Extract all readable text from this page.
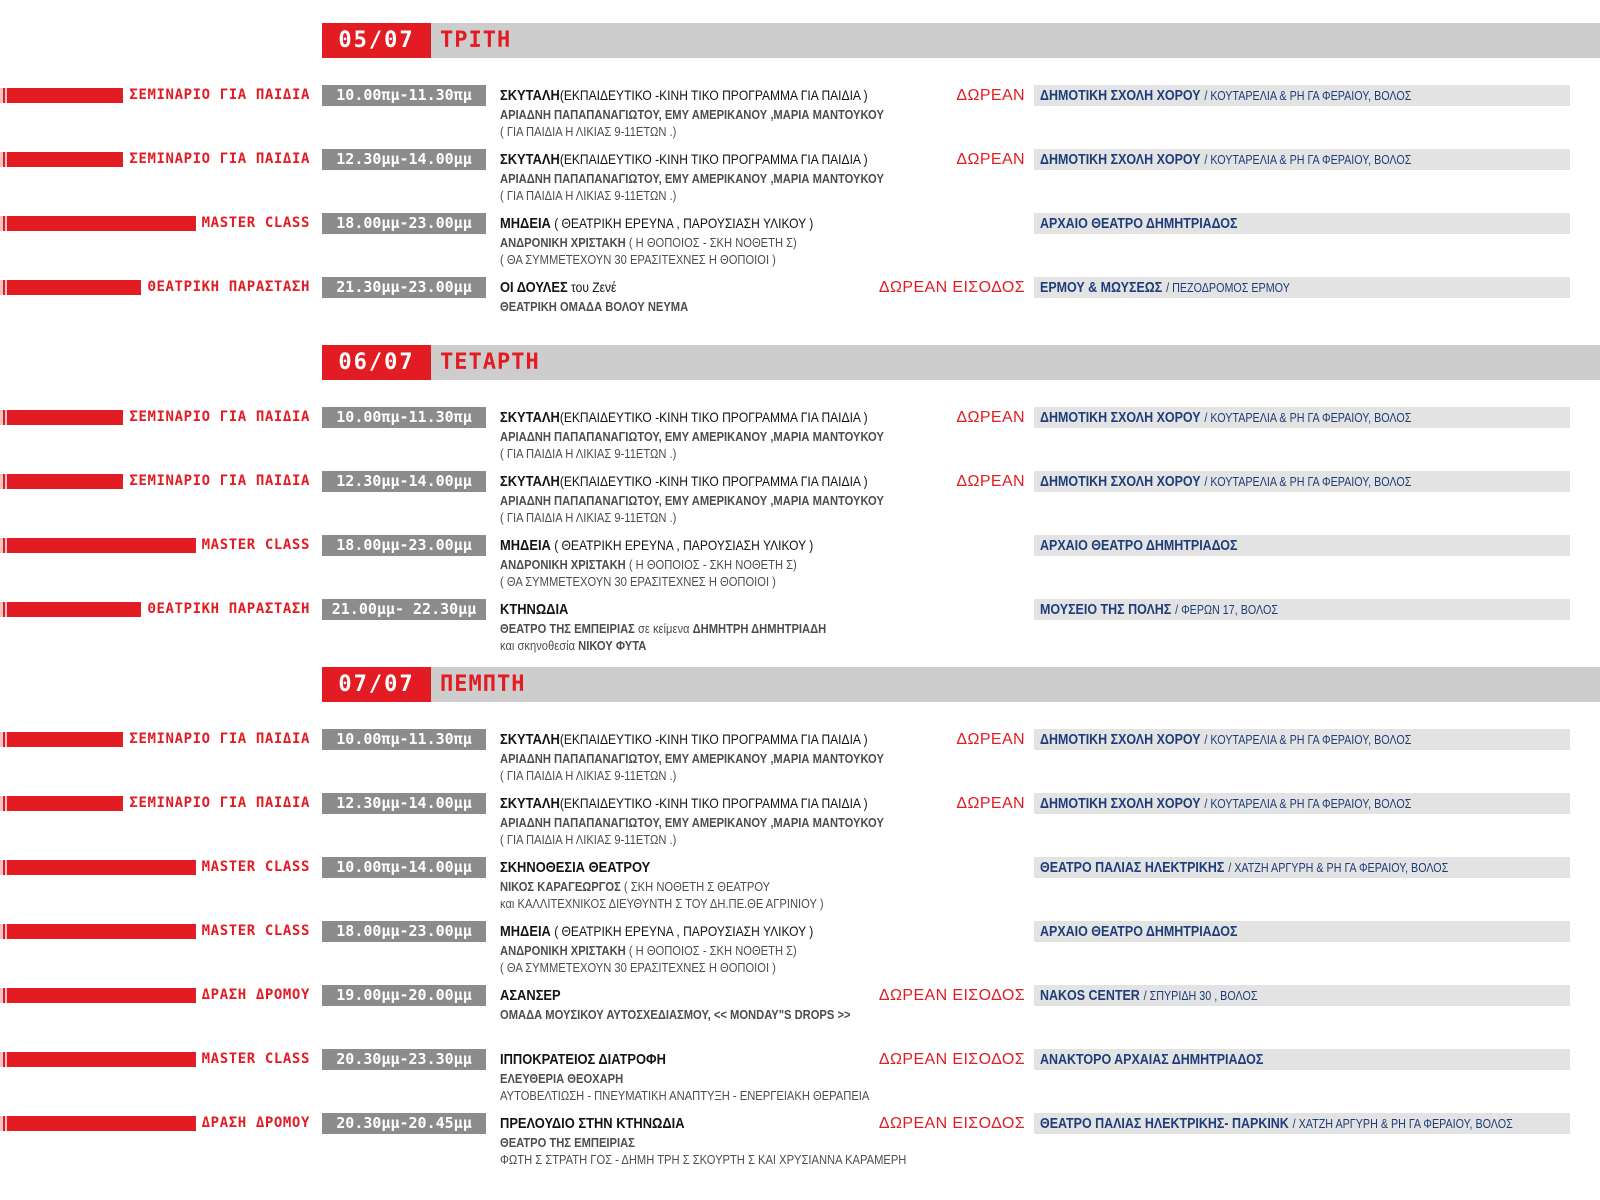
05/07	ΤΡΙΤΗ
ΣΕΜΙΝΑΡΙΟ ΓΙΑ ΠΑΙΔΙΑ	10.00πμ-11.30πμ	ΣΚΥΤΑΛΗ(ΕΚΠΑΙΔΕΥΤΙΚΟ -ΚΙΝΗ ΤΙΚΟ ΠΡΟΓΡΑΜΜΑ ΓΙΑ ΠΑΙΔΙΑ )
ΑΡΙΑΔΝΗ ΠΑΠΑΠΑΝΑΓΙΩΤΟΥ, ΕΜΥ ΑΜΕΡΙΚΑΝΟΥ ,ΜΑΡΙΑ ΜΑΝΤΟΥΚΟΥ
( ΓΙΑ ΠΑΙΔΙΑ Η ΛΙΚΙΑΣ 9-11ΕΤΩΝ .)
ΔΩΡΕΑΝ	ΔΗΜΟΤΙΚΗ ΣΧΟΛΗ ΧΟΡΟΥ / ΚΟΥΤΑΡΕΛΙΑ & ΡΗ ΓΑ ΦΕΡΑΙΟΥ, ΒΟΛΟΣ
ΣΕΜΙΝΑΡΙΟ ΓΙΑ ΠΑΙΔΙΑ	12.30μμ-14.00μμ	ΣΚΥΤΑΛΗ(ΕΚΠΑΙΔΕΥΤΙΚΟ -ΚΙΝΗ ΤΙΚΟ ΠΡΟΓΡΑΜΜΑ ΓΙΑ ΠΑΙΔΙΑ )
ΑΡΙΑΔΝΗ ΠΑΠΑΠΑΝΑΓΙΩΤΟΥ, ΕΜΥ ΑΜΕΡΙΚΑΝΟΥ ,ΜΑΡΙΑ ΜΑΝΤΟΥΚΟΥ
( ΓΙΑ ΠΑΙΔΙΑ Η ΛΙΚΙΑΣ 9-11ΕΤΩΝ .)
ΔΩΡΕΑΝ	ΔΗΜΟΤΙΚΗ ΣΧΟΛΗ ΧΟΡΟΥ / ΚΟΥΤΑΡΕΛΙΑ & ΡΗ ΓΑ ΦΕΡΑΙΟΥ, ΒΟΛΟΣ
MASTER CLASS	18.00μμ-23.00μμ	ΜΗΔΕΙΑ ( ΘΕΑΤΡΙΚΗ ΕΡΕΥΝΑ , ΠΑΡΟΥΣΙΑΣΗ ΥΛΙΚΟΥ )
ΑΝΔΡΟΝΙΚΗ ΧΡΙΣΤΑΚΗ ( Η ΘΟΠΟΙΟΣ - ΣΚΗ ΝΟΘΕΤΗ Σ)
( ΘΑ ΣΥΜΜΕΤΕΧΟΥΝ 30 ΕΡΑΣΙΤΕΧΝΕΣ Η ΘΟΠΟΙΟΙ )
ΑΡΧΑΙΟ ΘΕΑΤΡΟ ΔΗΜΗΤΡΙΑΔΟΣ
ΘΕΑΤΡΙΚΗ ΠΑΡΑΣΤΑΣΗ	21.30μμ-23.00μμ	ΟΙ ΔΟΥΛΕΣ του Ζενέ
ΘΕΑΤΡΙΚΗ ΟΜΑΔΑ ΒΟΛΟΥ ΝΕΥΜΑ
ΔΩΡΕΑΝ ΕΙΣΟΔΟΣ	ΕΡΜΟΥ & ΜΩΥΣΕΩΣ / ΠΕΖΟΔΡΟΜΟΣ ΕΡΜΟΥ
06/07	ΤΕΤΑΡΤΗ
ΣΕΜΙΝΑΡΙΟ ΓΙΑ ΠΑΙΔΙΑ	10.00πμ-11.30πμ	ΣΚΥΤΑΛΗ(ΕΚΠΑΙΔΕΥΤΙΚΟ -ΚΙΝΗ ΤΙΚΟ ΠΡΟΓΡΑΜΜΑ ΓΙΑ ΠΑΙΔΙΑ )
ΑΡΙΑΔΝΗ ΠΑΠΑΠΑΝΑΓΙΩΤΟΥ, ΕΜΥ ΑΜΕΡΙΚΑΝΟΥ ,ΜΑΡΙΑ ΜΑΝΤΟΥΚΟΥ
( ΓΙΑ ΠΑΙΔΙΑ Η ΛΙΚΙΑΣ 9-11ΕΤΩΝ .)
ΔΩΡΕΑΝ	ΔΗΜΟΤΙΚΗ ΣΧΟΛΗ ΧΟΡΟΥ / ΚΟΥΤΑΡΕΛΙΑ & ΡΗ ΓΑ ΦΕΡΑΙΟΥ, ΒΟΛΟΣ
ΣΕΜΙΝΑΡΙΟ ΓΙΑ ΠΑΙΔΙΑ	12.30μμ-14.00μμ	ΣΚΥΤΑΛΗ(ΕΚΠΑΙΔΕΥΤΙΚΟ -ΚΙΝΗ ΤΙΚΟ ΠΡΟΓΡΑΜΜΑ ΓΙΑ ΠΑΙΔΙΑ )
ΑΡΙΑΔΝΗ ΠΑΠΑΠΑΝΑΓΙΩΤΟΥ, ΕΜΥ ΑΜΕΡΙΚΑΝΟΥ ,ΜΑΡΙΑ ΜΑΝΤΟΥΚΟΥ
( ΓΙΑ ΠΑΙΔΙΑ Η ΛΙΚΙΑΣ 9-11ΕΤΩΝ .)
ΔΩΡΕΑΝ	ΔΗΜΟΤΙΚΗ ΣΧΟΛΗ ΧΟΡΟΥ / ΚΟΥΤΑΡΕΛΙΑ & ΡΗ ΓΑ ΦΕΡΑΙΟΥ, ΒΟΛΟΣ
MASTER CLASS	18.00μμ-23.00μμ	ΜΗΔΕΙΑ ( ΘΕΑΤΡΙΚΗ ΕΡΕΥΝΑ , ΠΑΡΟΥΣΙΑΣΗ ΥΛΙΚΟΥ )
ΑΝΔΡΟΝΙΚΗ ΧΡΙΣΤΑΚΗ ( Η ΘΟΠΟΙΟΣ - ΣΚΗ ΝΟΘΕΤΗ Σ)
( ΘΑ ΣΥΜΜΕΤΕΧΟΥΝ 30 ΕΡΑΣΙΤΕΧΝΕΣ Η ΘΟΠΟΙΟΙ )
ΑΡΧΑΙΟ ΘΕΑΤΡΟ ΔΗΜΗΤΡΙΑΔΟΣ
ΘΕΑΤΡΙΚΗ ΠΑΡΑΣΤΑΣΗ	21.00μμ- 22.30μμ	ΚΤΗΝΩΔΙΑ
ΘΕΑΤΡΟ ΤΗΣ ΕΜΠΕΙΡΙΑΣ σε κείμενα ΔΗΜΗΤΡΗ ΔΗΜΗΤΡΙΑΔΗ
και σκηνοθεσία ΝΙΚΟΥ ΦΥΤΑ
ΜΟΥΣΕΙΟ ΤΗΣ ΠΟΛΗΣ / ΦΕΡΩΝ 17, ΒΟΛΟΣ
07/07	ΠΕΜΠΤΗ
ΣΕΜΙΝΑΡΙΟ ΓΙΑ ΠΑΙΔΙΑ	10.00πμ-11.30πμ	ΣΚΥΤΑΛΗ(ΕΚΠΑΙΔΕΥΤΙΚΟ -ΚΙΝΗ ΤΙΚΟ ΠΡΟΓΡΑΜΜΑ ΓΙΑ ΠΑΙΔΙΑ )
ΑΡΙΑΔΝΗ ΠΑΠΑΠΑΝΑΓΙΩΤΟΥ, ΕΜΥ ΑΜΕΡΙΚΑΝΟΥ ,ΜΑΡΙΑ ΜΑΝΤΟΥΚΟΥ
( ΓΙΑ ΠΑΙΔΙΑ Η ΛΙΚΙΑΣ 9-11ΕΤΩΝ .)
ΔΩΡΕΑΝ	ΔΗΜΟΤΙΚΗ ΣΧΟΛΗ ΧΟΡΟΥ / ΚΟΥΤΑΡΕΛΙΑ & ΡΗ ΓΑ ΦΕΡΑΙΟΥ, ΒΟΛΟΣ
ΣΕΜΙΝΑΡΙΟ ΓΙΑ ΠΑΙΔΙΑ	12.30μμ-14.00μμ	ΣΚΥΤΑΛΗ(ΕΚΠΑΙΔΕΥΤΙΚΟ -ΚΙΝΗ ΤΙΚΟ ΠΡΟΓΡΑΜΜΑ ΓΙΑ ΠΑΙΔΙΑ )
ΑΡΙΑΔΝΗ ΠΑΠΑΠΑΝΑΓΙΩΤΟΥ, ΕΜΥ ΑΜΕΡΙΚΑΝΟΥ ,ΜΑΡΙΑ ΜΑΝΤΟΥΚΟΥ
( ΓΙΑ ΠΑΙΔΙΑ Η ΛΙΚΙΑΣ 9-11ΕΤΩΝ .)
ΔΩΡΕΑΝ	ΔΗΜΟΤΙΚΗ ΣΧΟΛΗ ΧΟΡΟΥ / ΚΟΥΤΑΡΕΛΙΑ & ΡΗ ΓΑ ΦΕΡΑΙΟΥ, ΒΟΛΟΣ
MASTER CLASS	10.00πμ-14.00μμ	ΣΚΗΝΟΘΕΣΙΑ ΘΕΑΤΡΟΥ
ΝΙΚΟΣ ΚΑΡΑΓΕΩΡΓΟΣ ( ΣΚΗ ΝΟΘΕΤΗ Σ ΘΕΑΤΡΟΥ
και ΚΑΛΛΙΤΕΧΝΙΚΟΣ ΔΙΕΥΘΥΝΤΗ Σ ΤΟΥ ΔΗ.ΠΕ.ΘΕ ΑΓΡΙΝΙΟΥ )
ΘΕΑΤΡΟ ΠΑΛΙΑΣ ΗΛΕΚΤΡΙΚΗΣ / ΧΑΤΖΗ ΑΡΓΥΡΗ & ΡΗ ΓΑ ΦΕΡΑΙΟΥ, ΒΟΛΟΣ
MASTER CLASS	18.00μμ-23.00μμ	ΜΗΔΕΙΑ ( ΘΕΑΤΡΙΚΗ ΕΡΕΥΝΑ , ΠΑΡΟΥΣΙΑΣΗ ΥΛΙΚΟΥ )
ΑΝΔΡΟΝΙΚΗ ΧΡΙΣΤΑΚΗ ( Η ΘΟΠΟΙΟΣ - ΣΚΗ ΝΟΘΕΤΗ Σ)
( ΘΑ ΣΥΜΜΕΤΕΧΟΥΝ 30 ΕΡΑΣΙΤΕΧΝΕΣ Η ΘΟΠΟΙΟΙ )
ΑΡΧΑΙΟ ΘΕΑΤΡΟ ΔΗΜΗΤΡΙΑΔΟΣ
ΔΡΑΣΗ ΔΡΟΜΟΥ	19.00μμ-20.00μμ	ΑΣΑΝΣΕΡ
ΟΜΑΔΑ ΜΟΥΣΙΚΟΥ ΑΥΤΟΣΧΕΔΙΑΣΜΟΥ, << MONDAY"S DROPS >>
ΔΩΡΕΑΝ ΕΙΣΟΔΟΣ	NAKOS CENTER / ΣΠΥΡΙΔΗ 30 , ΒΟΛΟΣ
MASTER CLASS	20.30μμ-23.30μμ	ΙΠΠΟΚΡΑΤΕΙΟΣ ΔΙΑΤΡΟΦΗ
ΕΛΕΥΘΕΡΙΑ ΘΕΟΧΑΡΗ
ΑΥΤΟΒΕΛΤΙΩΣΗ - ΠΝΕΥΜΑΤΙΚΗ ΑΝΑΠΤΥΞΗ - ΕΝΕΡΓΕΙΑΚΗ ΘΕΡΑΠΕΙΑ
ΔΩΡΕΑΝ ΕΙΣΟΔΟΣ	ΑΝΑΚΤΟΡΟ ΑΡΧΑΙΑΣ ΔΗΜΗΤΡΙΑΔΟΣ
ΔΡΑΣΗ ΔΡΟΜΟΥ	20.30μμ-20.45μμ	ΠΡΕΛΟΥΔΙΟ ΣΤΗΝ ΚΤΗΝΩΔΙΑ
ΘΕΑΤΡΟ ΤΗΣ ΕΜΠΕΙΡΙΑΣ
ΦΩΤΗ Σ ΣΤΡΑΤΗ ΓΟΣ - ΔΗΜΗ ΤΡΗ Σ ΣΚΟΥΡΤΗ Σ ΚΑΙ ΧΡΥΣΙΑΝΝΑ ΚΑΡΑΜΕΡΗ
ΔΩΡΕΑΝ ΕΙΣΟΔΟΣ	ΘΕΑΤΡΟ ΠΑΛΙΑΣ ΗΛΕΚΤΡΙΚΗΣ- ΠΑΡΚΙΝΚ / ΧΑΤΖΗ ΑΡΓΥΡΗ & ΡΗ ΓΑ ΦΕΡΑΙΟΥ, ΒΟΛΟΣ
